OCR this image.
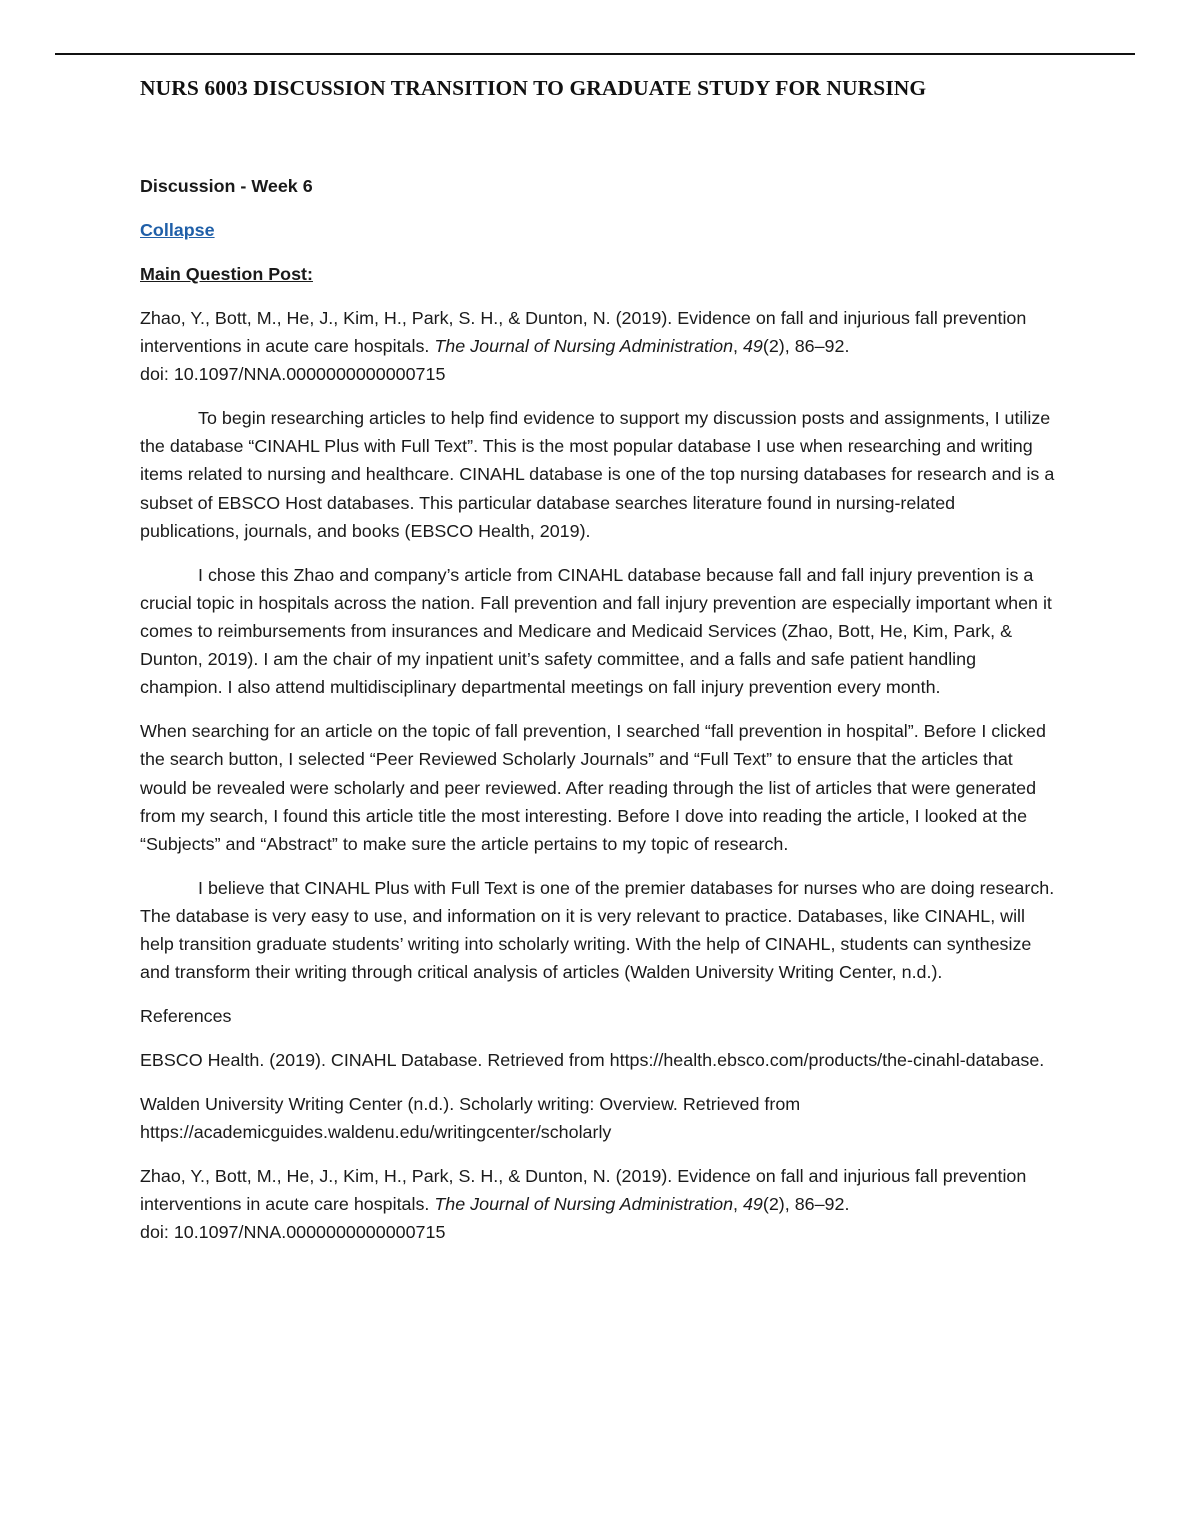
NURS 6003 DISCUSSION TRANSITION TO GRADUATE STUDY FOR NURSING

Discussion - Week 6

Collapse

Main Question Post:

Zhao, Y., Bott, M., He, J., Kim, H., Park, S. H., & Dunton, N. (2019). Evidence on fall and injurious fall prevention interventions in acute care hospitals. The Journal of Nursing Administration, 49(2), 86–92.
doi: 10.1097/NNA.0000000000000715

To begin researching articles to help find evidence to support my discussion posts and assignments, I utilize the database “CINAHL Plus with Full Text”. This is the most popular database I use when researching and writing items related to nursing and healthcare. CINAHL database is one of the top nursing databases for research and is a subset of EBSCO Host databases. This particular database searches literature found in nursing-related publications, journals, and books (EBSCO Health, 2019).

I chose this Zhao and company’s article from CINAHL database because fall and fall injury prevention is a crucial topic in hospitals across the nation. Fall prevention and fall injury prevention are especially important when it comes to reimbursements from insurances and Medicare and Medicaid Services (Zhao, Bott, He, Kim, Park, & Dunton, 2019). I am the chair of my inpatient unit’s safety committee, and a falls and safe patient handling champion. I also attend multidisciplinary departmental meetings on fall injury prevention every month.

When searching for an article on the topic of fall prevention, I searched “fall prevention in hospital”. Before I clicked the search button, I selected “Peer Reviewed Scholarly Journals” and “Full Text” to ensure that the articles that would be revealed were scholarly and peer reviewed. After reading through the list of articles that were generated from my search, I found this article title the most interesting. Before I dove into reading the article, I looked at the “Subjects” and “Abstract” to make sure the article pertains to my topic of research.

I believe that CINAHL Plus with Full Text is one of the premier databases for nurses who are doing research. The database is very easy to use, and information on it is very relevant to practice. Databases, like CINAHL, will help transition graduate students’ writing into scholarly writing. With the help of CINAHL, students can synthesize and transform their writing through critical analysis of articles (Walden University Writing Center, n.d.).

References

EBSCO Health. (2019). CINAHL Database. Retrieved from https://health.ebsco.com/products/the-cinahl-database.

Walden University Writing Center (n.d.). Scholarly writing: Overview. Retrieved from
https://academicguides.waldenu.edu/writingcenter/scholarly

Zhao, Y., Bott, M., He, J., Kim, H., Park, S. H., & Dunton, N. (2019). Evidence on fall and injurious fall prevention interventions in acute care hospitals. The Journal of Nursing Administration, 49(2), 86–92.
doi: 10.1097/NNA.0000000000000715
